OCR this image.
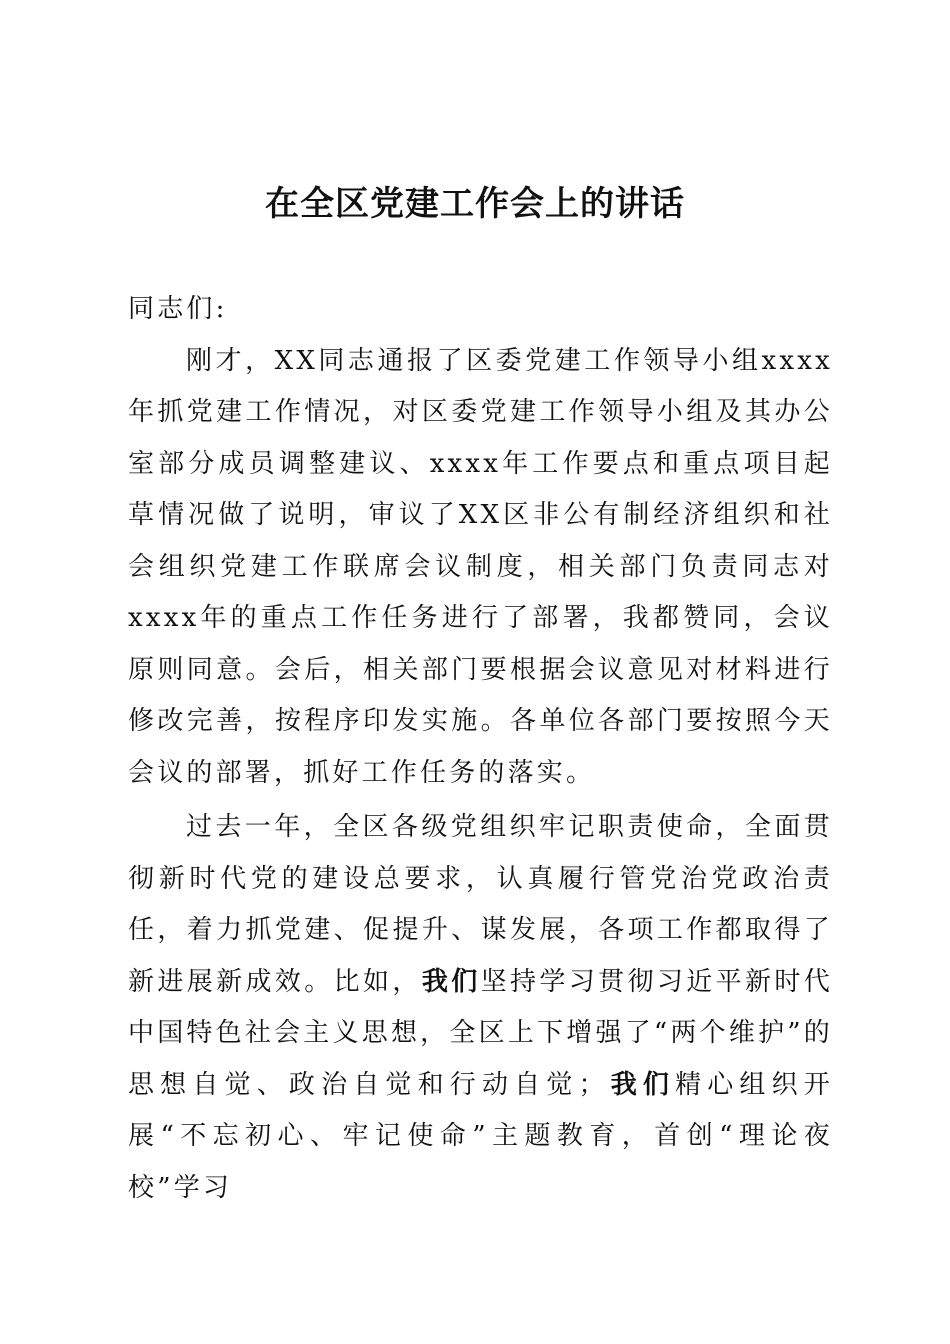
在全区党建工作会上的讲话

同志们:

刚才，XX同志通报了区委党建工作领导小组xxxx年抓党建工作情况，对区委党建工作领导小组及其办公室部分成员调整建议、xxxx年工作要点和重点项目起草情况做了说明，审议了XX区非公有制经济组织和社会组织党建工作联席会议制度，相关部门负责同志对xxxx年的重点工作任务进行了部署，我都赞同，会议原则同意。会后，相关部门要根据会议意见对材料进行修改完善，按程序印发实施。各单位各部门要按照今天会议的部署，抓好工作任务的落实。

过去一年，全区各级党组织牢记职责使命，全面贯彻新时代党的建设总要求，认真履行管党治党政治责任，着力抓党建、促提升、谋发展，各项工作都取得了新进展新成效。比如，我们坚持学习贯彻习近平新时代中国特色社会主义思想，全区上下增强了“两个维护”的思想自觉、政治自觉和行动自觉；我们精心组织开展“不忘初心、牢记使命”主题教育，首创“理论夜校”学习
